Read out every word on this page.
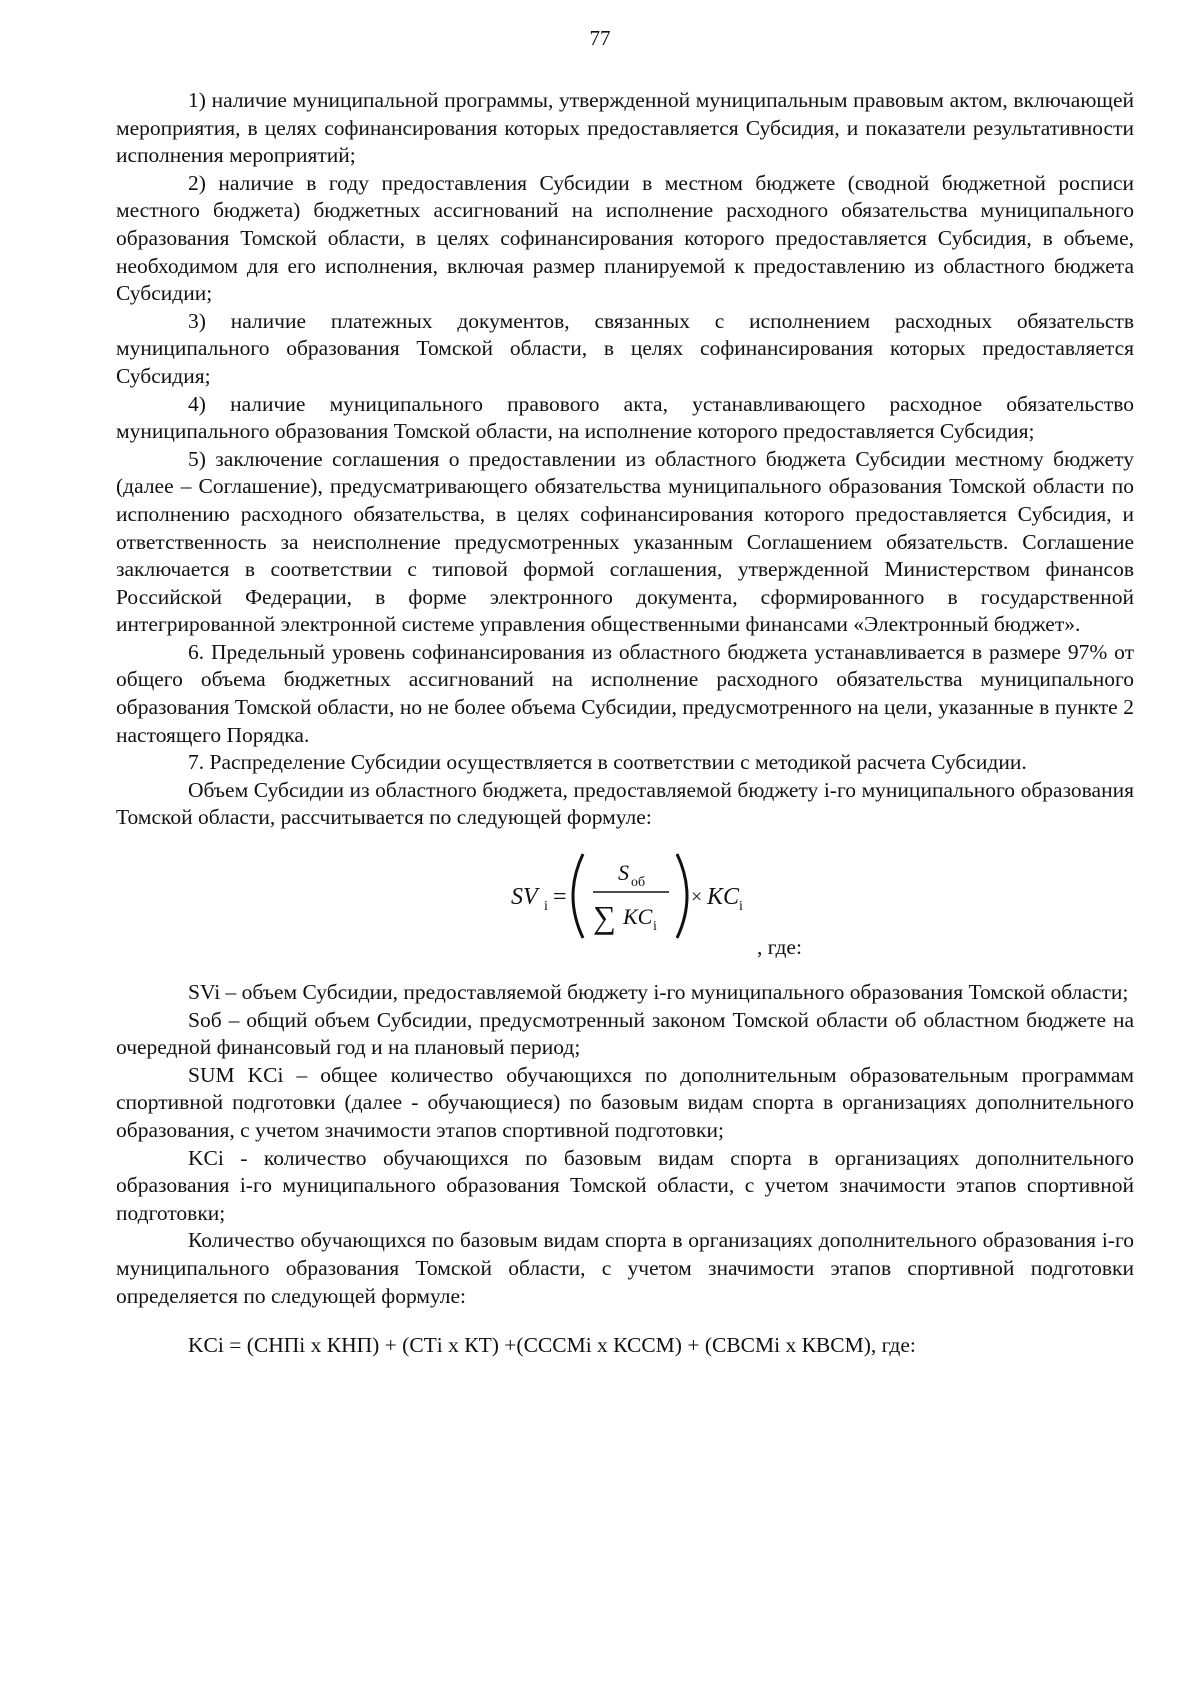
77

1) наличие муниципальной программы, утвержденной муниципальным правовым актом, включающей мероприятия, в целях софинансирования которых предоставляется Субсидия, и показатели результативности исполнения мероприятий;

2) наличие в году предоставления Субсидии в местном бюджете (сводной бюджетной росписи местного бюджета) бюджетных ассигнований на исполнение расходного обязательства муниципального образования Томской области, в целях софинансирования которого предоставляется Субсидия, в объеме, необходимом для его исполнения, включая размер планируемой к предоставлению из областного бюджета Субсидии;

3) наличие платежных документов, связанных с исполнением расходных обязательств муниципального образования Томской области, в целях софинансирования которых предоставляется Субсидия;

4) наличие муниципального правового акта, устанавливающего расходное обязательство муниципального образования Томской области, на исполнение которого предоставляется Субсидия;

5) заключение соглашения о предоставлении из областного бюджета Субсидии местному бюджету (далее – Соглашение), предусматривающего обязательства муниципального образования Томской области по исполнению расходного обязательства, в целях софинансирования которого предоставляется Субсидия, и ответственность за неисполнение предусмотренных указанным Соглашением обязательств. Соглашение заключается в соответствии с типовой формой соглашения, утвержденной Министерством финансов Российской Федерации, в форме электронного документа, сформированного в государственной интегрированной электронной системе управления общественными финансами «Электронный бюджет».

6. Предельный уровень софинансирования из областного бюджета устанавливается в размере 97% от общего объема бюджетных ассигнований на исполнение расходного обязательства муниципального образования Томской области, но не более объема Субсидии, предусмотренного на цели, указанные в пункте 2 настоящего Порядка.

7. Распределение Субсидии осуществляется в соответствии с методикой расчета Субсидии.

Объем Субсидии из областного бюджета, предоставляемой бюджету i-го муниципального образования Томской области, рассчитывается по следующей формуле:

SV i =
S об
∑ KC i
× KC i
, где:

SVi – объем Субсидии, предоставляемой бюджету i-го муниципального образования Томской области;

Sоб – общий объем Субсидии, предусмотренный законом Томской области об областном бюджете на очередной финансовый год и на плановый период;

SUM KCi – общее количество обучающихся по дополнительным образовательным программам спортивной подготовки (далее - обучающиеся) по базовым видам спорта в организациях дополнительного образования, с учетом значимости этапов спортивной подготовки;

KCi - количество обучающихся по базовым видам спорта в организациях дополнительного образования i-го муниципального образования Томской области, с учетом значимости этапов спортивной подготовки;

Количество обучающихся по базовым видам спорта в организациях дополнительного образования i-го муниципального образования Томской области, с учетом значимости этапов спортивной подготовки определяется по следующей формуле:

KCi = (СНПi x КНП) + (СТi x КТ) +(СССМi x КССМ) + (СВСМi x КВСМ), где:
